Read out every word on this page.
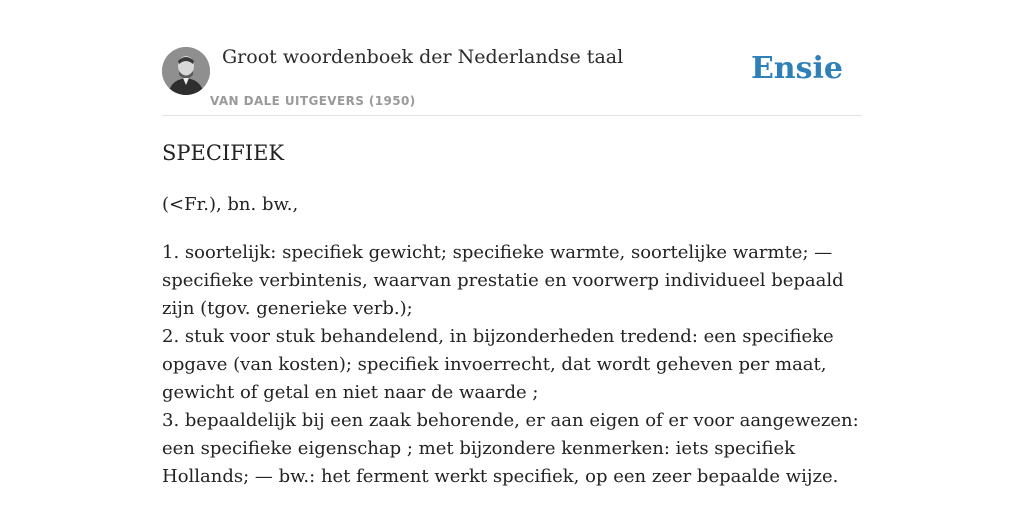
Groot woordenboek der Nederlandse taal
VAN DALE UITGEVERS (1950)
Ensie
SPECIFIEK
(<Fr.), bn. bw.,

1. soortelijk: specifiek gewicht; specifieke warmte, soortelijke warmte; — specifieke verbintenis, waarvan prestatie en voorwerp individueel bepaald zijn (tgov. generieke verb.);

2. stuk voor stuk behandelend, in bijzonderheden tredend: een specifieke opgave (van kosten); specifiek invoerrecht, dat wordt geheven per maat, gewicht of getal en niet naar de waarde ;

3. bepaaldelijk bij een zaak behorende, er aan eigen of er voor aangewezen: een specifieke eigenschap ; met bijzondere kenmerken: iets specifiek Hollands; — bw.: het ferment werkt specifiek, op een zeer bepaalde wijze.
